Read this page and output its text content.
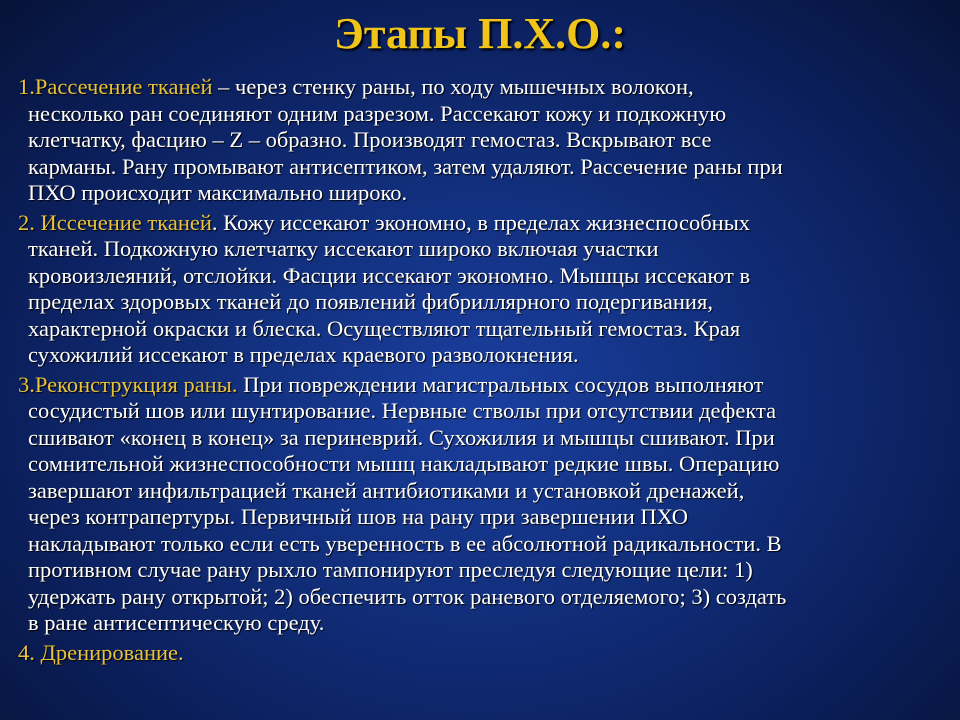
Этапы П.Х.О.:

1.Рассечение тканей – через стенку раны, по ходу мышечных волокон,
несколько ран соединяют одним разрезом. Рассекают кожу и подкожную
клетчатку, фасцию – Z – образно. Производят гемостаз. Вскрывают все
карманы. Рану промывают антисептиком, затем удаляют. Рассечение раны при
ПХО происходит максимально широко.

2. Иссечение тканей. Кожу иссекают экономно, в пределах жизнеспособных
тканей. Подкожную клетчатку иссекают широко включая участки
кровоизлеяний, отслойки. Фасции иссекают экономно. Мышцы иссекают в
пределах здоровых тканей до появлений фибриллярного подергивания,
характерной окраски и блеска. Осуществляют тщательный гемостаз. Края
сухожилий иссекают в пределах краевого разволокнения.

3.Реконструкция раны. При повреждении магистральных сосудов выполняют
сосудистый шов или шунтирование. Нервные стволы при отсутствии дефекта
сшивают «конец в конец» за периневрий. Сухожилия и мышцы сшивают. При
сомнительной жизнеспособности мышц накладывают редкие швы. Операцию
завершают инфильтрацией тканей антибиотиками и установкой дренажей,
через контрапертуры. Первичный шов на рану при завершении ПХО
накладывают только если есть уверенность в ее абсолютной радикальности. В
противном случае рану рыхло тампонируют преследуя следующие цели: 1)
удержать рану открытой; 2) обеспечить отток раневого отделяемого; 3) создать
в ране антисептическую среду.

4. Дренирование.
